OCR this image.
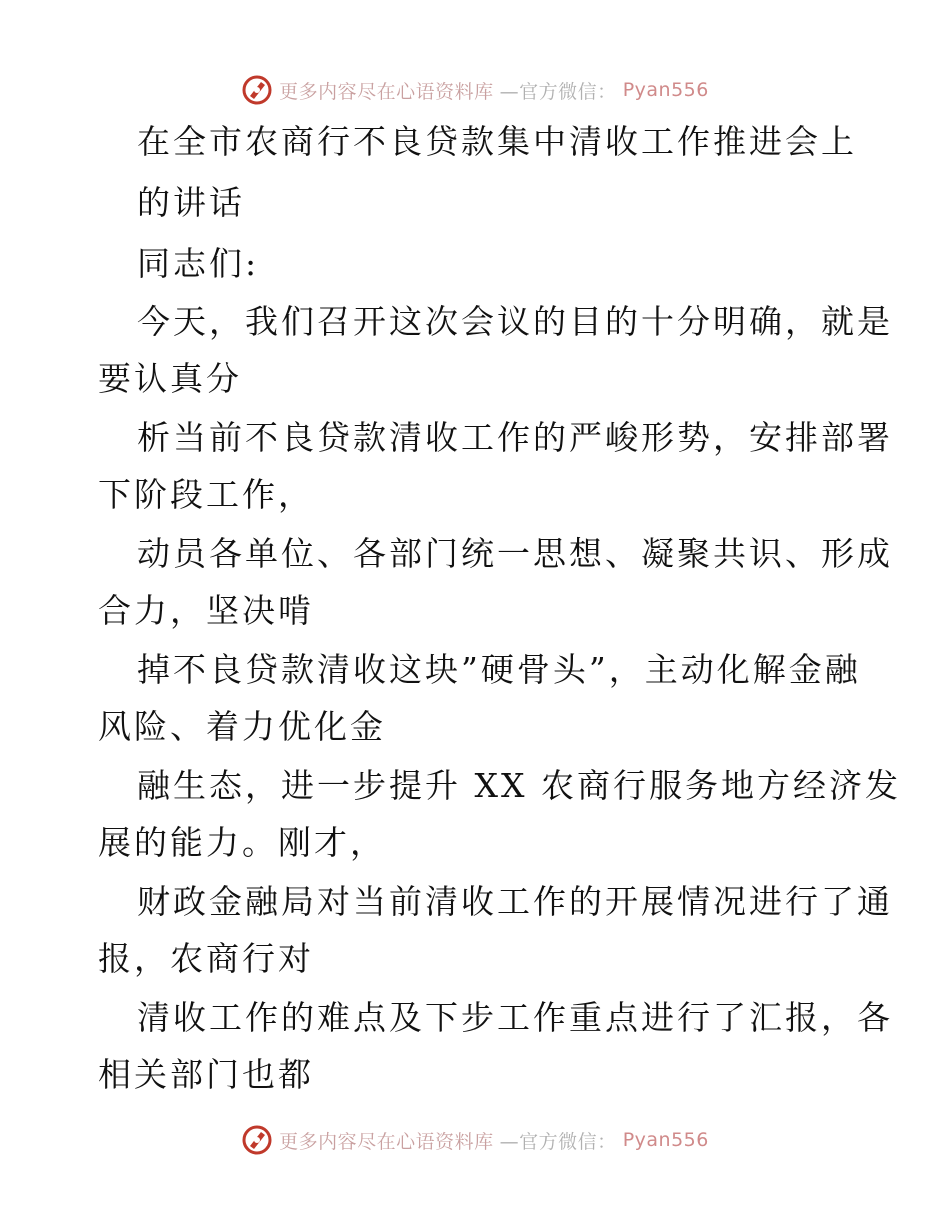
更多内容尽在心语资料库 —官方微信： Pyan556
在全市农商行不良贷款集中清收工作推进会上
的讲话
同志们:
今天，我们召开这次会议的目的十分明确，就是
要认真分
析当前不良贷款清收工作的严峻形势，安排部署
下阶段工作，
动员各单位、各部门统一思想、凝聚共识、形成
合力，坚决啃
掉不良贷款清收这块”硬骨头”，主动化解金融
风险、着力优化金
融生态，进一步提升 XX 农商行服务地方经济发
展的能力。刚才，
财政金融局对当前清收工作的开展情况进行了通
报，农商行对
清收工作的难点及下步工作重点进行了汇报，各
相关部门也都
更多内容尽在心语资料库 —官方微信： Pyan556
